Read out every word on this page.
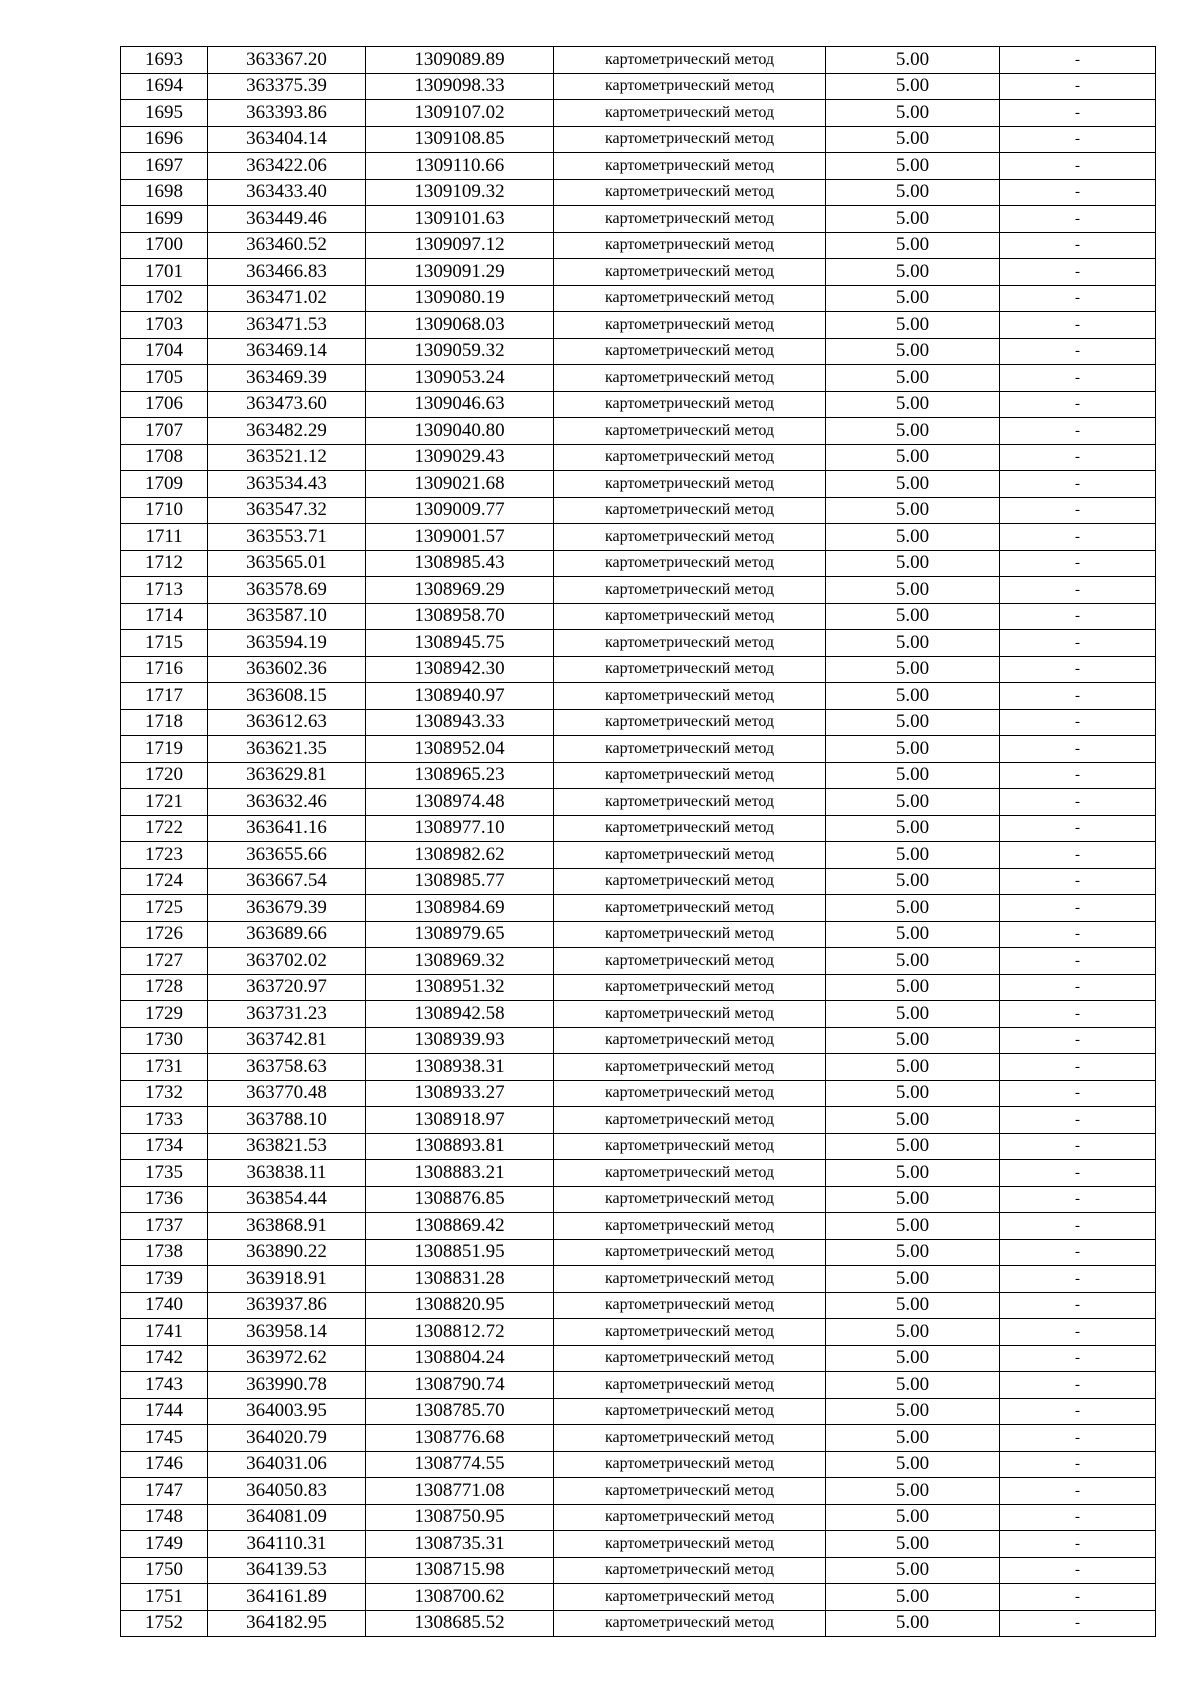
1693	363367.20	1309089.89	картометрический метод	5.00	-
1694	363375.39	1309098.33	картометрический метод	5.00	-
1695	363393.86	1309107.02	картометрический метод	5.00	-
1696	363404.14	1309108.85	картометрический метод	5.00	-
1697	363422.06	1309110.66	картометрический метод	5.00	-
1698	363433.40	1309109.32	картометрический метод	5.00	-
1699	363449.46	1309101.63	картометрический метод	5.00	-
1700	363460.52	1309097.12	картометрический метод	5.00	-
1701	363466.83	1309091.29	картометрический метод	5.00	-
1702	363471.02	1309080.19	картометрический метод	5.00	-
1703	363471.53	1309068.03	картометрический метод	5.00	-
1704	363469.14	1309059.32	картометрический метод	5.00	-
1705	363469.39	1309053.24	картометрический метод	5.00	-
1706	363473.60	1309046.63	картометрический метод	5.00	-
1707	363482.29	1309040.80	картометрический метод	5.00	-
1708	363521.12	1309029.43	картометрический метод	5.00	-
1709	363534.43	1309021.68	картометрический метод	5.00	-
1710	363547.32	1309009.77	картометрический метод	5.00	-
1711	363553.71	1309001.57	картометрический метод	5.00	-
1712	363565.01	1308985.43	картометрический метод	5.00	-
1713	363578.69	1308969.29	картометрический метод	5.00	-
1714	363587.10	1308958.70	картометрический метод	5.00	-
1715	363594.19	1308945.75	картометрический метод	5.00	-
1716	363602.36	1308942.30	картометрический метод	5.00	-
1717	363608.15	1308940.97	картометрический метод	5.00	-
1718	363612.63	1308943.33	картометрический метод	5.00	-
1719	363621.35	1308952.04	картометрический метод	5.00	-
1720	363629.81	1308965.23	картометрический метод	5.00	-
1721	363632.46	1308974.48	картометрический метод	5.00	-
1722	363641.16	1308977.10	картометрический метод	5.00	-
1723	363655.66	1308982.62	картометрический метод	5.00	-
1724	363667.54	1308985.77	картометрический метод	5.00	-
1725	363679.39	1308984.69	картометрический метод	5.00	-
1726	363689.66	1308979.65	картометрический метод	5.00	-
1727	363702.02	1308969.32	картометрический метод	5.00	-
1728	363720.97	1308951.32	картометрический метод	5.00	-
1729	363731.23	1308942.58	картометрический метод	5.00	-
1730	363742.81	1308939.93	картометрический метод	5.00	-
1731	363758.63	1308938.31	картометрический метод	5.00	-
1732	363770.48	1308933.27	картометрический метод	5.00	-
1733	363788.10	1308918.97	картометрический метод	5.00	-
1734	363821.53	1308893.81	картометрический метод	5.00	-
1735	363838.11	1308883.21	картометрический метод	5.00	-
1736	363854.44	1308876.85	картометрический метод	5.00	-
1737	363868.91	1308869.42	картометрический метод	5.00	-
1738	363890.22	1308851.95	картометрический метод	5.00	-
1739	363918.91	1308831.28	картометрический метод	5.00	-
1740	363937.86	1308820.95	картометрический метод	5.00	-
1741	363958.14	1308812.72	картометрический метод	5.00	-
1742	363972.62	1308804.24	картометрический метод	5.00	-
1743	363990.78	1308790.74	картометрический метод	5.00	-
1744	364003.95	1308785.70	картометрический метод	5.00	-
1745	364020.79	1308776.68	картометрический метод	5.00	-
1746	364031.06	1308774.55	картометрический метод	5.00	-
1747	364050.83	1308771.08	картометрический метод	5.00	-
1748	364081.09	1308750.95	картометрический метод	5.00	-
1749	364110.31	1308735.31	картометрический метод	5.00	-
1750	364139.53	1308715.98	картометрический метод	5.00	-
1751	364161.89	1308700.62	картометрический метод	5.00	-
1752	364182.95	1308685.52	картометрический метод	5.00	-
